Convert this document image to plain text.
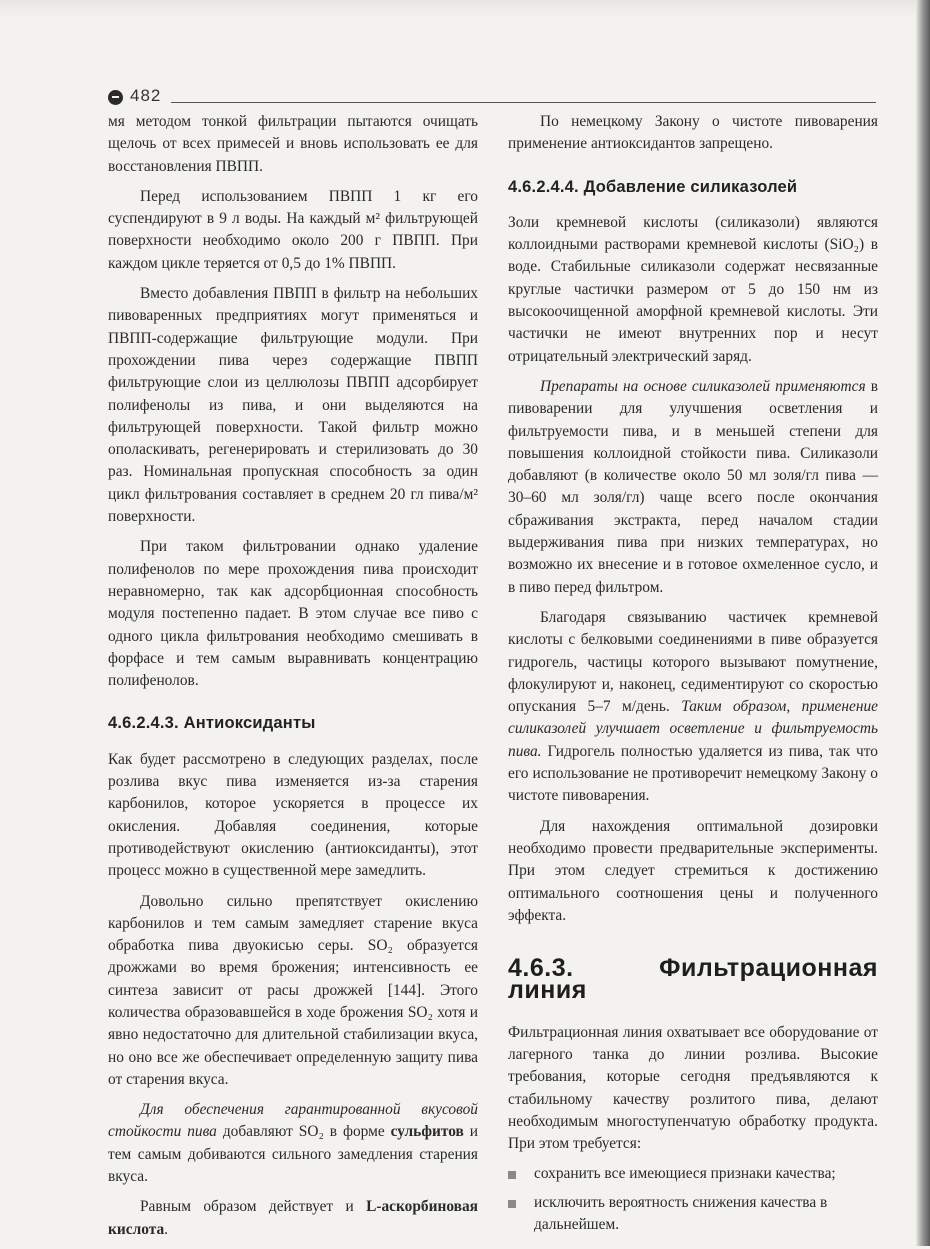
482

мя методом тонкой фильтрации пытаются очищать щелочь от всех примесей и вновь использовать ее для восстановления ПВПП.

Перед использованием ПВПП 1 кг его суспендируют в 9 л воды. На каждый м² фильтрующей поверхности необходимо около 200 г ПВПП. При каждом цикле теряется от 0,5 до 1% ПВПП.

Вместо добавления ПВПП в фильтр на небольших пивоваренных предприятиях могут применяться и ПВПП-содержащие фильтрующие модули. При прохождении пива через содержащие ПВПП фильтрующие слои из целлюлозы ПВПП адсорбирует полифенолы из пива, и они выделяются на фильтрующей поверхности. Такой фильтр можно ополаскивать, регенерировать и стерилизовать до 30 раз. Номинальная пропускная способность за один цикл фильтрования составляет в среднем 20 гл пива/м² поверхности.

При таком фильтровании однако удаление полифенолов по мере прохождения пива происходит неравномерно, так как адсорбционная способность модуля постепенно падает. В этом случае все пиво с одного цикла фильтрования необходимо смешивать в форфасе и тем самым выравнивать концентрацию полифенолов.

4.6.2.4.3. Антиоксиданты

Как будет рассмотрено в следующих разделах, после розлива вкус пива изменяется из-за старения карбонилов, которое ускоряется в процессе их окисления. Добавляя соединения, которые противодействуют окислению (антиоксиданты), этот процесс можно в существенной мере замедлить.

Довольно сильно препятствует окислению карбонилов и тем самым замедляет старение вкуса обработка пива двуокисью серы. SO₂ образуется дрожжами во время брожения; интенсивность ее синтеза зависит от расы дрожжей [144]. Этого количества образовавшейся в ходе брожения SO₂ хотя и явно недостаточно для длительной стабилизации вкуса, но оно все же обеспечивает определенную защиту пива от старения вкуса.

Для обеспечения гарантированной вкусовой стойкости пива добавляют SO₂ в форме сульфитов и тем самым добиваются сильного замедления старения вкуса.

Равным образом действует и L-аскорбиновая кислота.

По немецкому Закону о чистоте пивоварения применение антиоксидантов запрещено.

4.6.2.4.4. Добавление силиказолей

Золи кремневой кислоты (силиказоли) являются коллоидными растворами кремневой кислоты (SiO₂) в воде. Стабильные силиказоли содержат несвязанные круглые частички размером от 5 до 150 нм из высокоочищенной аморфной кремневой кислоты. Эти частички не имеют внутренних пор и несут отрицательный электрический заряд.

Препараты на основе силиказолей применяются в пивоварении для улучшения осветления и фильтруемости пива, и в меньшей степени для повышения коллоидной стойкости пива. Силиказоли добавляют (в количестве около 50 мл золя/гл пива — 30–60 мл золя/гл) чаще всего после окончания сбраживания экстракта, перед началом стадии выдерживания пива при низких температурах, но возможно их внесение и в готовое охмеленное сусло, и в пиво перед фильтром.

Благодаря связыванию частичек кремневой кислоты с белковыми соединениями в пиве образуется гидрогель, частицы которого вызывают помутнение, флокулируют и, наконец, седиментируют со скоростью опускания 5–7 м/день. Таким образом, применение силиказолей улучшает осветление и фильтруемость пива. Гидрогель полностью удаляется из пива, так что его использование не противоречит немецкому Закону о чистоте пивоварения.

Для нахождения оптимальной дозировки необходимо провести предварительные эксперименты. При этом следует стремиться к достижению оптимального соотношения цены и полученного эффекта.

4.6.3. Фильтрационная линия

Фильтрационная линия охватывает все оборудование от лагерного танка до линии розлива. Высокие требования, которые сегодня предъявляются к стабильному качеству розлитого пива, делают необходимым многоступенчатую обработку продукта. При этом требуется:

сохранить все имеющиеся признаки качества;
исключить вероятность снижения качества в дальнейшем.
